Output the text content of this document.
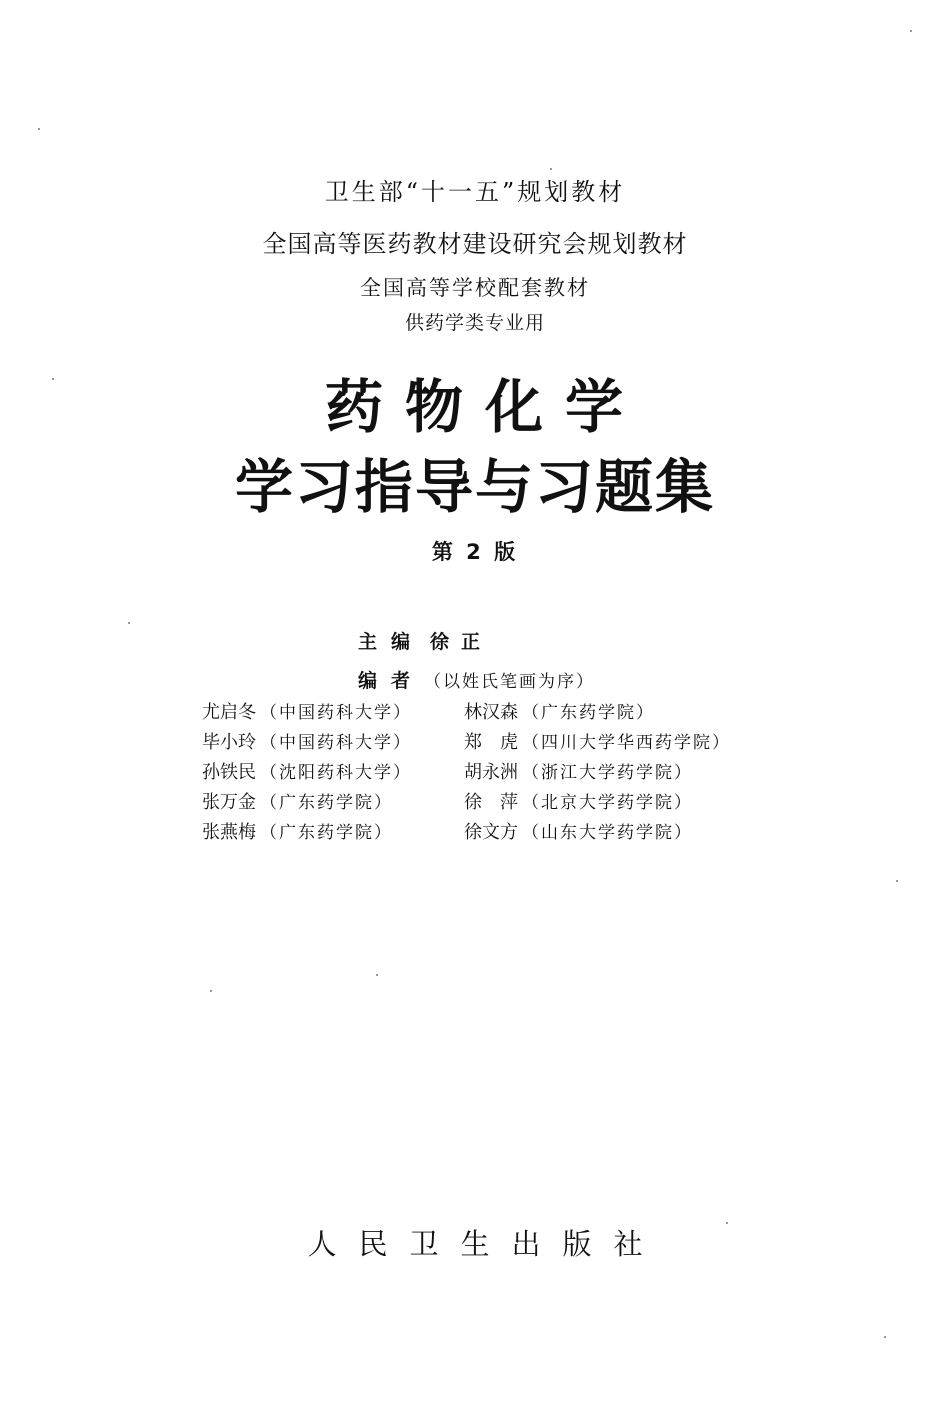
卫生部“十一五”规划教材
全国高等医药教材建设研究会规划教材
全国高等学校配套教材
供药学类专业用
药物化学
学习指导与习题集
第 2 版
主编 徐正
编者（以姓氏笔画为序）
尤启冬 （中国药科大学）	林汉森 （广东药学院）
毕小玲 （中国药科大学）	郑　虎 （四川大学华西药学院）
孙铁民 （沈阳药科大学）	胡永洲 （浙江大学药学院）
张万金 （广东药学院）	徐　萍 （北京大学药学院）
张燕梅 （广东药学院）	徐文方 （山东大学药学院）
人民卫生出版社
